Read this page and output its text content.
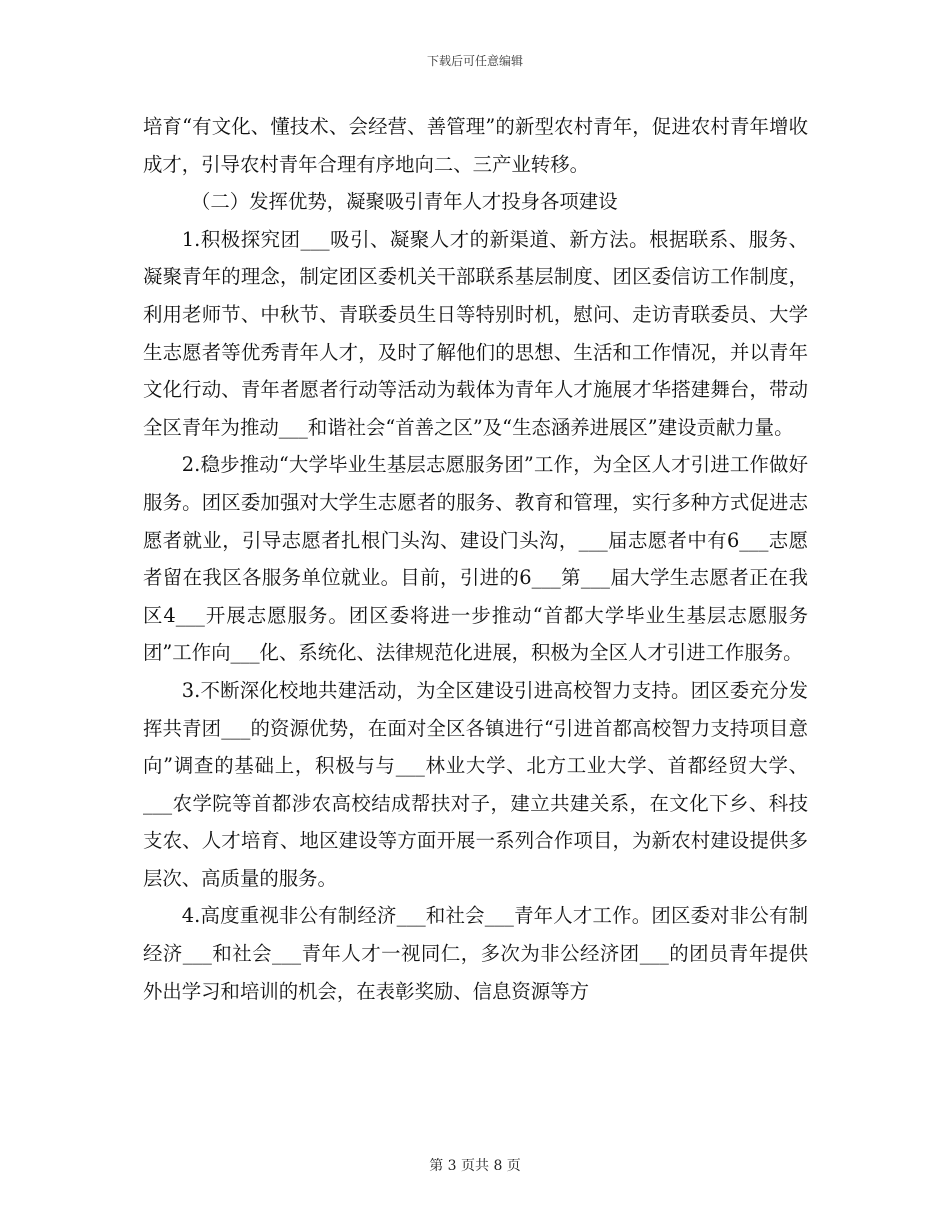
下载后可任意编辑

培育“有文化、懂技术、会经营、善管理”的新型农村青年，促进农村青年增收成才，引导农村青年合理有序地向二、三产业转移。

（二）发挥优势，凝聚吸引青年人才投身各项建设

1.积极探究团___吸引、凝聚人才的新渠道、新方法。根据联系、服务、凝聚青年的理念，制定团区委机关干部联系基层制度、团区委信访工作制度，利用老师节、中秋节、青联委员生日等特别时机，慰问、走访青联委员、大学生志愿者等优秀青年人才，及时了解他们的思想、生活和工作情况，并以青年文化行动、青年者愿者行动等活动为载体为青年人才施展才华搭建舞台，带动全区青年为推动___和谐社会“首善之区”及“生态涵养进展区”建设贡献力量。

2.稳步推动“大学毕业生基层志愿服务团”工作，为全区人才引进工作做好服务。团区委加强对大学生志愿者的服务、教育和管理，实行多种方式促进志愿者就业，引导志愿者扎根门头沟、建设门头沟，___届志愿者中有6___志愿者留在我区各服务单位就业。目前，引进的6___第___届大学生志愿者正在我区4___开展志愿服务。团区委将进一步推动“首都大学毕业生基层志愿服务团”工作向___化、系统化、法律规范化进展，积极为全区人才引进工作服务。

3.不断深化校地共建活动，为全区建设引进高校智力支持。团区委充分发挥共青团___的资源优势，在面对全区各镇进行“引进首都高校智力支持项目意向”调查的基础上，积极与与___林业大学、北方工业大学、首都经贸大学、___农学院等首都涉农高校结成帮扶对子，建立共建关系，在文化下乡、科技支农、人才培育、地区建设等方面开展一系列合作项目，为新农村建设提供多层次、高质量的服务。

4.高度重视非公有制经济___和社会___青年人才工作。团区委对非公有制经济___和社会___青年人才一视同仁，多次为非公经济团___的团员青年提供外出学习和培训的机会，在表彰奖励、信息资源等方

第 3 页共 8 页
